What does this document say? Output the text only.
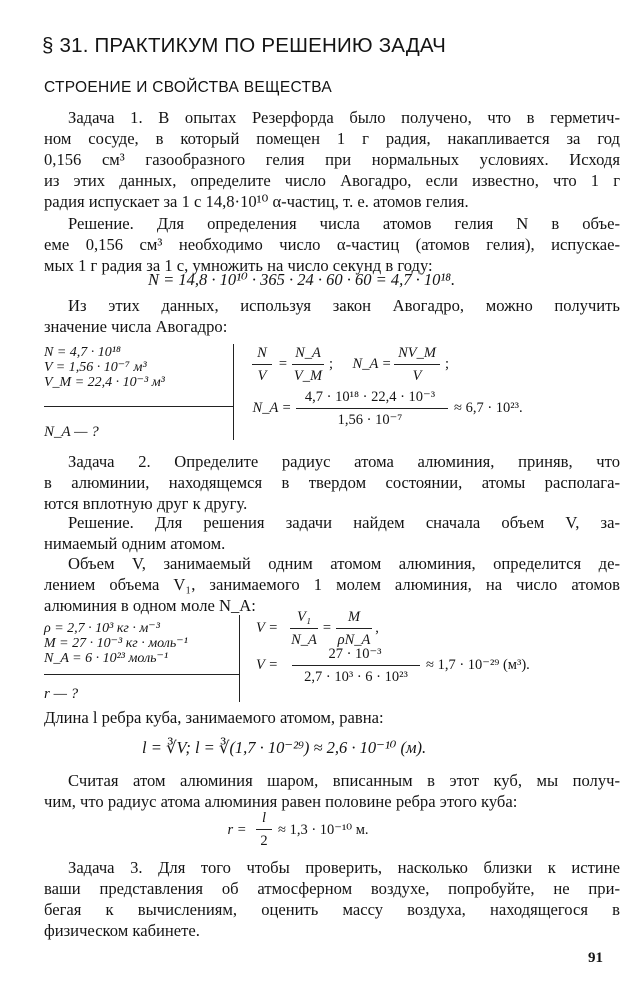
§ 31. ПРАКТИКУМ ПО РЕШЕНИЮ ЗАДАЧ
СТРОЕНИЕ И СВОЙСТВА ВЕЩЕСТВА
Задача 1. В опытах Резерфорда было получено, что в герметич-
ном сосуде, в который помещен 1 г радия, накапливается за год
0,156 см³ газообразного гелия при нормальных условиях. Исходя
из этих данных, определите число Авогадро, если известно, что 1 г
радия испускает за 1 с 14,8·10¹⁰ α-частиц, т. е. атомов гелия.
Решение. Для определения числа атомов гелия N в объе-
еме 0,156 см³ необходимо число α-частиц (атомов гелия), испускае-
мых 1 г радия за 1 с, умножить на число секунд в году:
N = 14,8 · 10¹⁰ · 365 · 24 · 60 · 60 = 4,7 · 10¹⁸.
Из этих данных, используя закон Авогадро, можно получить
значение числа Авогадро:
N = 4,7 · 10¹⁸
V = 1,56 · 10⁻⁷ м³
V_M = 22,4 · 10⁻³ м³
N_A — ?
N
V
=
N_A
V_M
; N_A =
NV_M
V
;
N_A =
4,7 · 10¹⁸ · 22,4 · 10⁻³
1,56 · 10⁻⁷
≈ 6,7 · 10²³.
Задача 2. Определите радиус атома алюминия, приняв, что
в алюминии, находящемся в твердом состоянии, атомы располага-
ются вплотную друг к другу.
Решение. Для решения задачи найдем сначала объем V, за-
нимаемый одним атомом.
Объем V, занимаемый одним атомом алюминия, определится де-
лением объема V₁, занимаемого 1 молем алюминия, на число атомов
алюминия в одном моле N_A:
ρ = 2,7 · 10³ кг · м⁻³
M = 27 · 10⁻³ кг · моль⁻¹
N_A = 6 · 10²³ моль⁻¹
r — ?
V =
V₁
N_A
=
M
ρN_A
,
V =
27 · 10⁻³
2,7 · 10³ · 6 · 10²³
≈ 1,7 · 10⁻²⁹ (м³).
Длина l ребра куба, занимаемого атомом, равна:
l = ∛V; l = ∛(1,7 · 10⁻²⁹) ≈ 2,6 · 10⁻¹⁰ (м).
Считая атом алюминия шаром, вписанным в этот куб, мы получ-
чим, что радиус атома алюминия равен половине ребра этого куба:
r =
l
2
≈ 1,3 · 10⁻¹⁰ м.
Задача 3. Для того чтобы проверить, насколько близки к истине
ваши представления об атмосферном воздухе, попробуйте, не при-
бегая к вычислениям, оценить массу воздуха, находящегося в
физическом кабинете.
91
